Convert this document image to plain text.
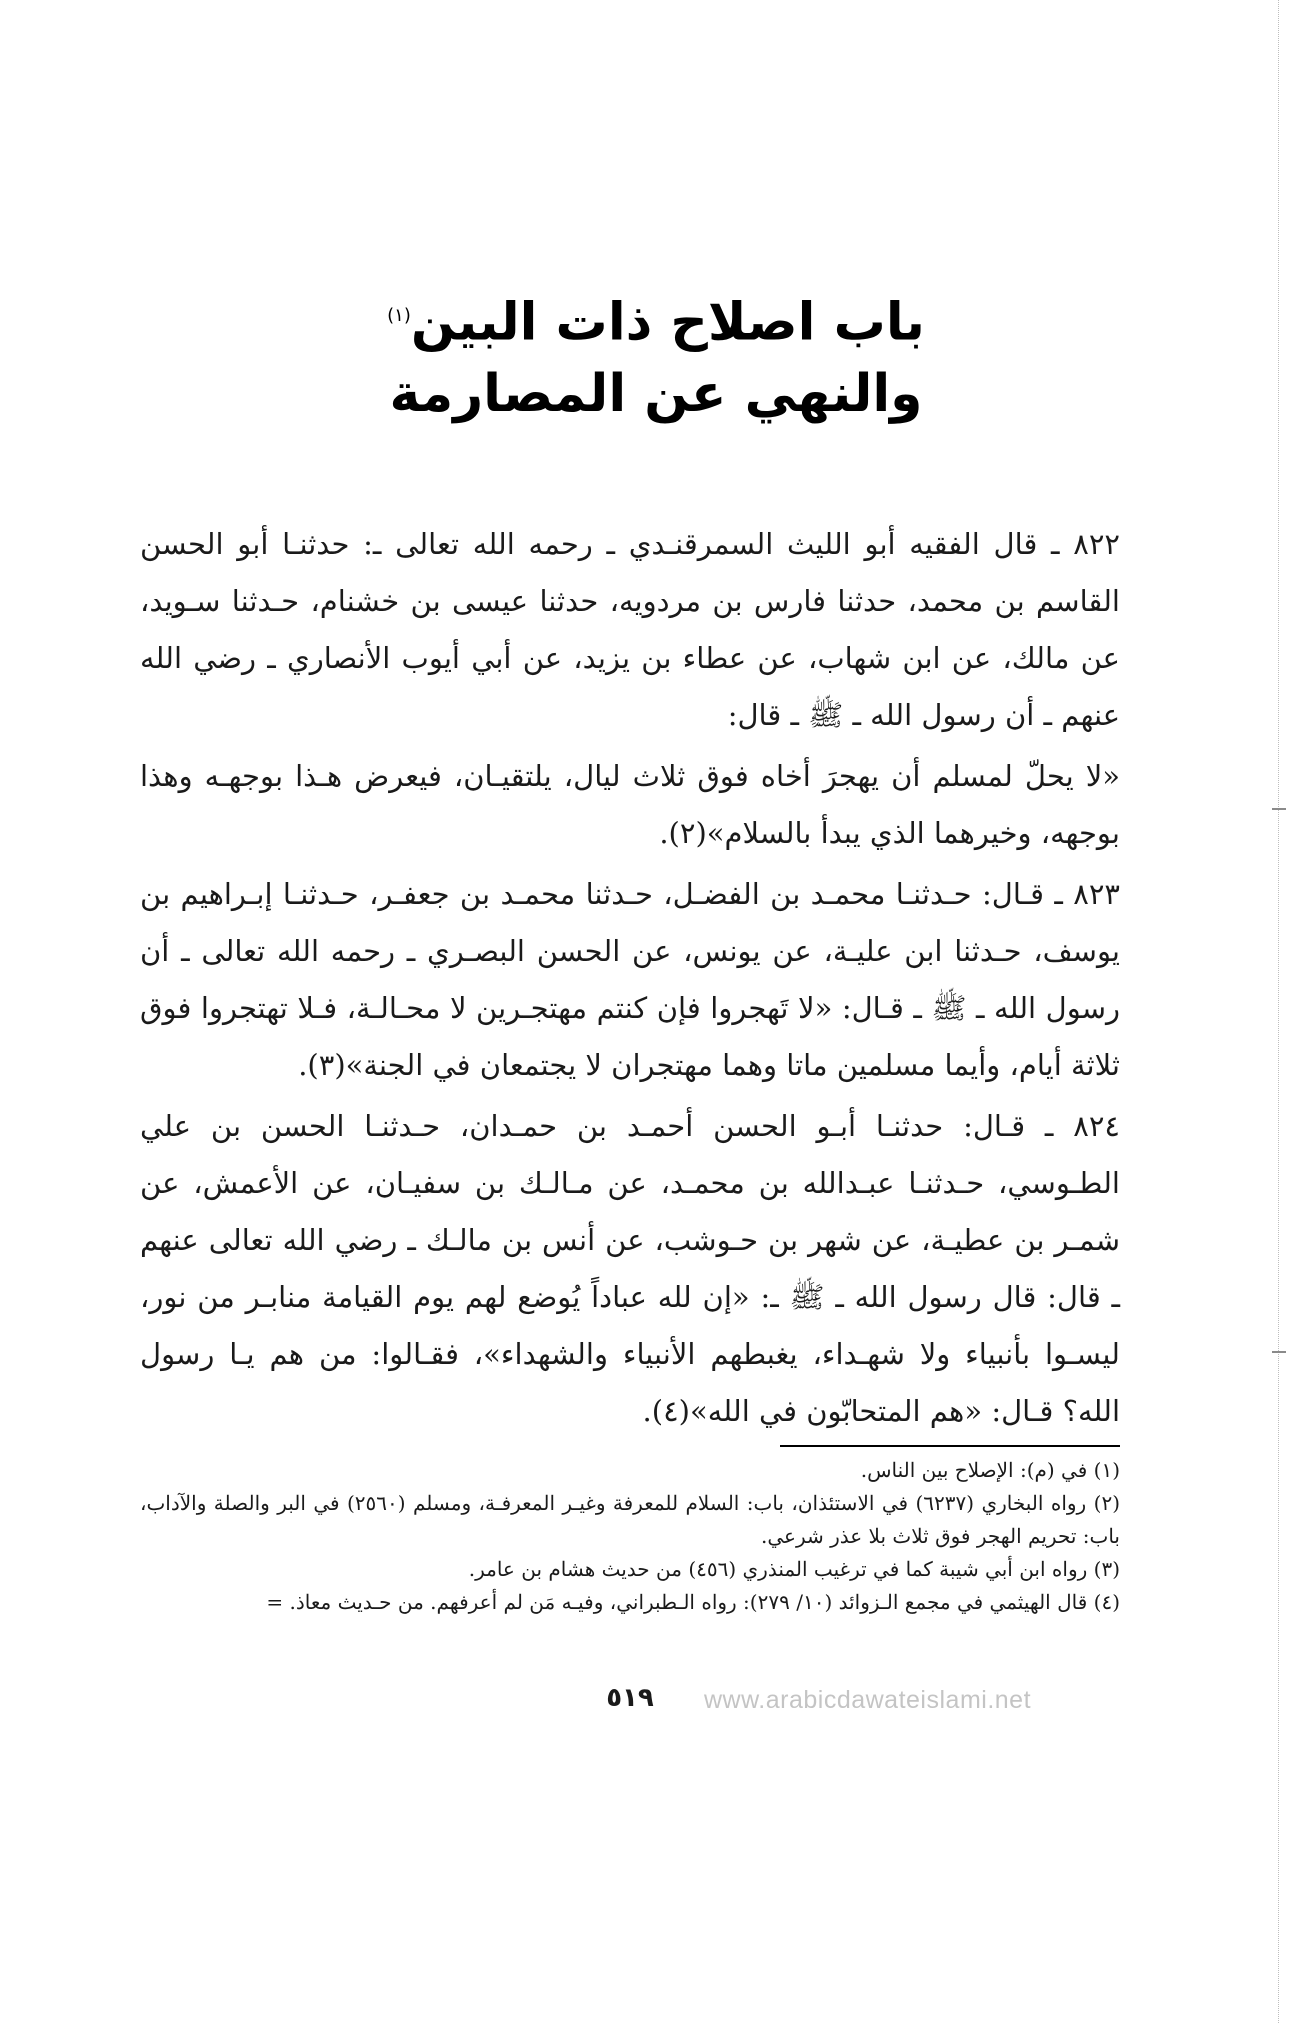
باب اصلاح ذات البين$^{(١)}$
والنهي عن المصارمة

٨٢٢ ـ قال الفقيه أبو الليث السمرقنـدي ـ رحمه الله تعالى ـ: حدثنـا أبو الحسن القاسم بن محمد، حدثنا فارس بن مردويه، حدثنا عيسى بن خشنام، حـدثنا سـويد، عن مالك، عن ابن شهاب، عن عطاء بن يزيد، عن أبي أيوب الأنصاري ـ رضي الله عنهم ـ أن رسول الله ـ ﷺ ـ قال:

«لا يحلّ لمسلم أن يهجرَ أخاه فوق ثلاث ليال، يلتقيـان، فيعرض هـذا بوجهـه وهذا بوجهه، وخيرهما الذي يبدأ بالسلام»(٢).

٨٢٣ ـ قـال: حـدثنـا محمـد بن الفضـل، حـدثنا محمـد بن جعفـر، حـدثنـا إبـراهيم بن يوسف، حـدثنا ابن عليـة، عن يونس، عن الحسن البصـري ـ رحمه الله تعالى ـ أن رسول الله ـ ﷺ ـ قـال: «لا تَهجروا فإن كنتم مهتجـرين لا محـالـة، فـلا تهتجروا فوق ثلاثة أيام، وأيما مسلمين ماتا وهما مهتجران لا يجتمعان في الجنة»(٣).

٨٢٤ ـ قـال: حدثنـا أبـو الحسن أحمـد بن حمـدان، حـدثنـا الحسن بن علي الطـوسي، حـدثنـا عبـدالله بن محمـد، عن مـالـك بن سفيـان، عن الأعمش، عن شمـر بن عطيـة، عن شهر بن حـوشب، عن أنس بن مالـك ـ رضي الله تعالى عنهم ـ قال: قال رسول الله ـ ﷺ ـ: «إن لله عباداً يُوضع لهم يوم القيامة منابـر من نور، ليسـوا بأنبياء ولا شهـداء، يغبطهم الأنبياء والشهداء»، فقـالوا: من هم يـا رسول الله؟ قـال: «هم المتحابّون في الله»(٤).

(١) في (م): الإصلاح بين الناس.

(٢) رواه البخاري (٦٢٣٧) في الاستئذان، باب: السلام للمعرفة وغيـر المعرفـة، ومسلم (٢٥٦٠) في البر والصلة والآداب، باب: تحريم الهجر فوق ثلاث بلا عذر شرعي.

(٣) رواه ابن أبي شيبة كما في ترغيب المنذري (٤٥٦) من حديث هشام بن عامر.

(٤) قال الهيثمي في مجمع الـزوائد (١٠/ ٢٧٩): رواه الـطبراني، وفيـه مَن لم أعرفهم. من حـديث معاذ. =

٥١٩	www.arabicdawateislami.net
